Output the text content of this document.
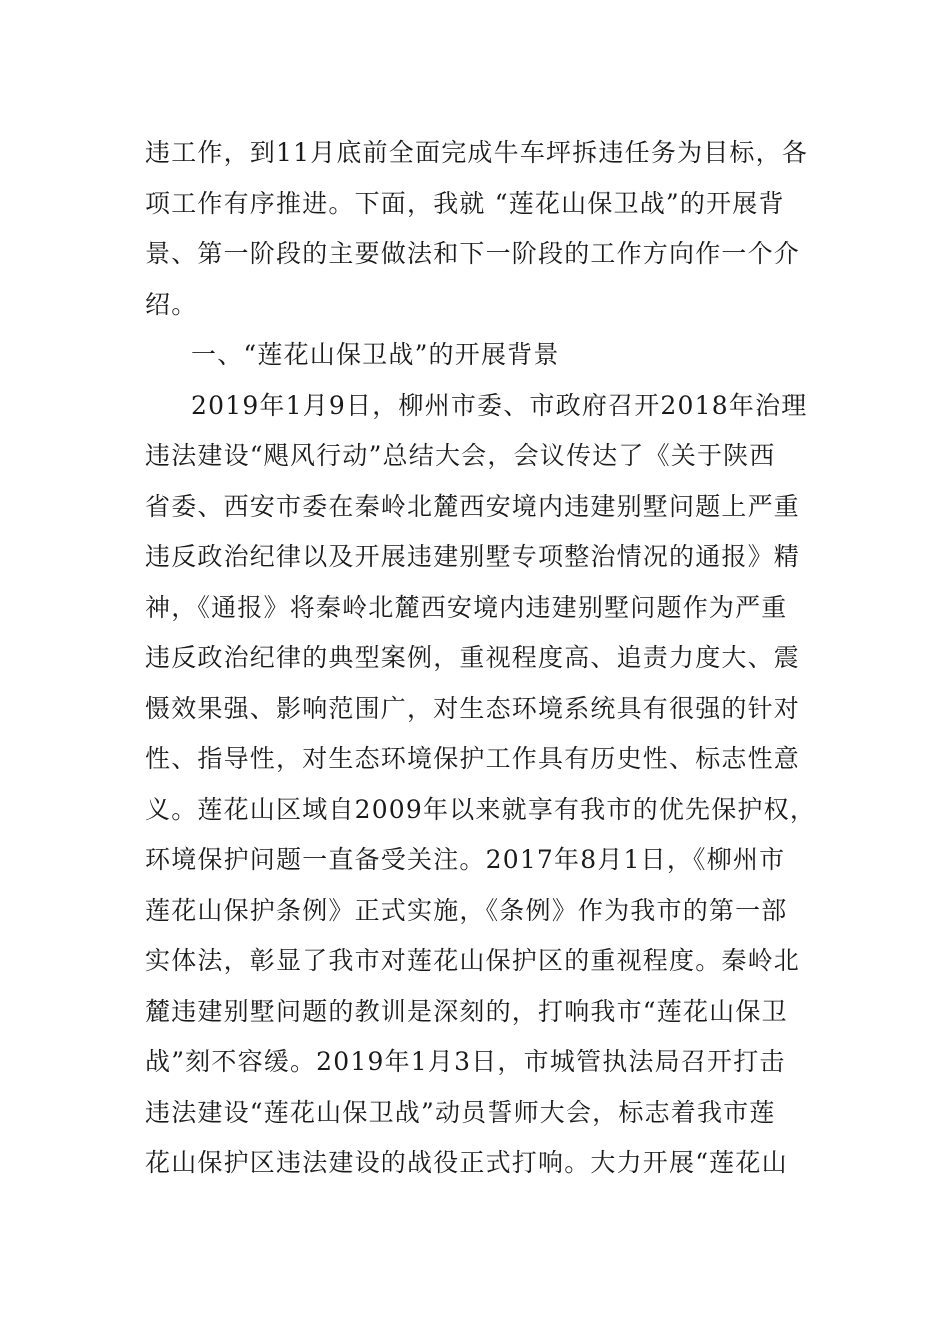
违工作，到11月底前全面完成牛车坪拆违任务为目标，各
项工作有序推进。下面，我就 “莲花山保卫战”的开展背
景、第一阶段的主要做法和下一阶段的工作方向作一个介
绍。
一、“莲花山保卫战”的开展背景
2019年1月9日，柳州市委、市政府召开2018年治理
违法建设“飓风行动”总结大会，会议传达了《关于陕西
省委、西安市委在秦岭北麓西安境内违建别墅问题上严重
违反政治纪律以及开展违建别墅专项整治情况的通报》精
神，《通报》将秦岭北麓西安境内违建别墅问题作为严重
违反政治纪律的典型案例，重视程度高、追责力度大、震
慑效果强、影响范围广，对生态环境系统具有很强的针对
性、指导性，对生态环境保护工作具有历史性、标志性意
义。莲花山区域自2009年以来就享有我市的优先保护权，
环境保护问题一直备受关注。2017年8月1日，《柳州市
莲花山保护条例》正式实施，《条例》作为我市的第一部
实体法，彰显了我市对莲花山保护区的重视程度。秦岭北
麓违建别墅问题的教训是深刻的，打响我市“莲花山保卫
战”刻不容缓。2019年1月3日，市城管执法局召开打击
违法建设“莲花山保卫战”动员誓师大会，标志着我市莲
花山保护区违法建设的战役正式打响。大力开展“莲花山
